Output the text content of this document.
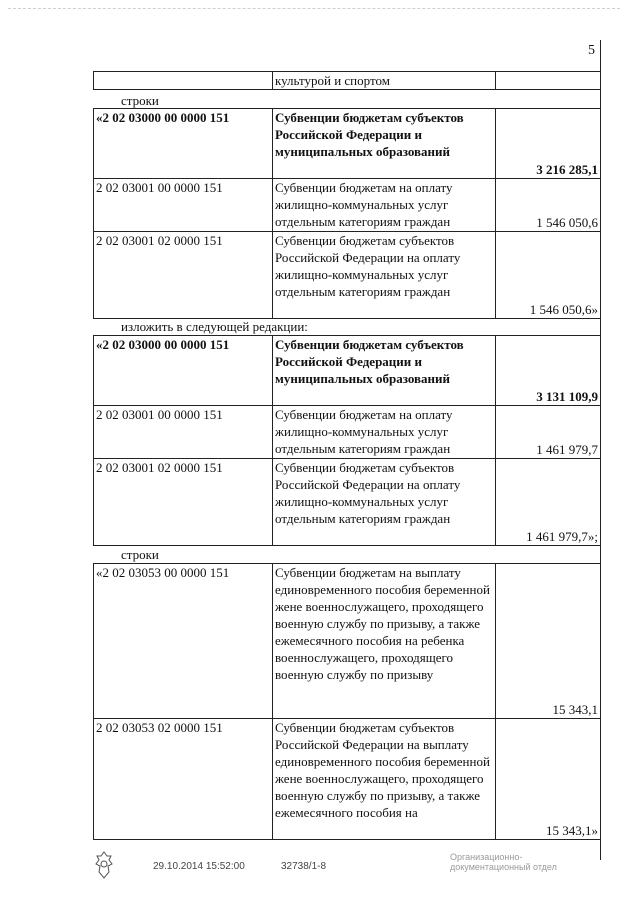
5
	культурой и спортом	
строки
«2 02 03000 00 0000 151	Субвенции бюджетам субъектов Российской Федерации и муниципальных образований	3 216 285,1
2 02 03001 00 0000 151	Субвенции бюджетам на оплату жилищно-коммунальных услуг отдельным категориям граждан	1 546 050,6
2 02 03001 02 0000 151	Субвенции бюджетам субъектов Российской Федерации на оплату жилищно-коммунальных услуг отдельным категориям граждан	1 546 050,6»
изложить в следующей редакции:
«2 02 03000 00 0000 151	Субвенции бюджетам субъектов Российской Федерации и муниципальных образований	3 131 109,9
2 02 03001 00 0000 151	Субвенции бюджетам на оплату жилищно-коммунальных услуг отдельным категориям граждан	1 461 979,7
2 02 03001 02 0000 151	Субвенции бюджетам субъектов Российской Федерации на оплату жилищно-коммунальных услуг отдельным категориям граждан	1 461 979,7»;
строки
«2 02 03053 00 0000 151	Субвенции бюджетам на выплату единовременного пособия беременной жене военнослужащего, проходящего военную службу по призыву, а также ежемесячного пособия на ребенка военнослужащего, проходящего военную службу по призыву	15 343,1
2 02 03053 02 0000 151	Субвенции бюджетам субъектов Российской Федерации на выплату единовременного пособия беременной жене военнослужащего, проходящего военную службу по призыву, а также ежемесячного пособия на	15 343,1»
29.10.2014 15:52:00	32738/1-8
Организационно-документационный отдел
